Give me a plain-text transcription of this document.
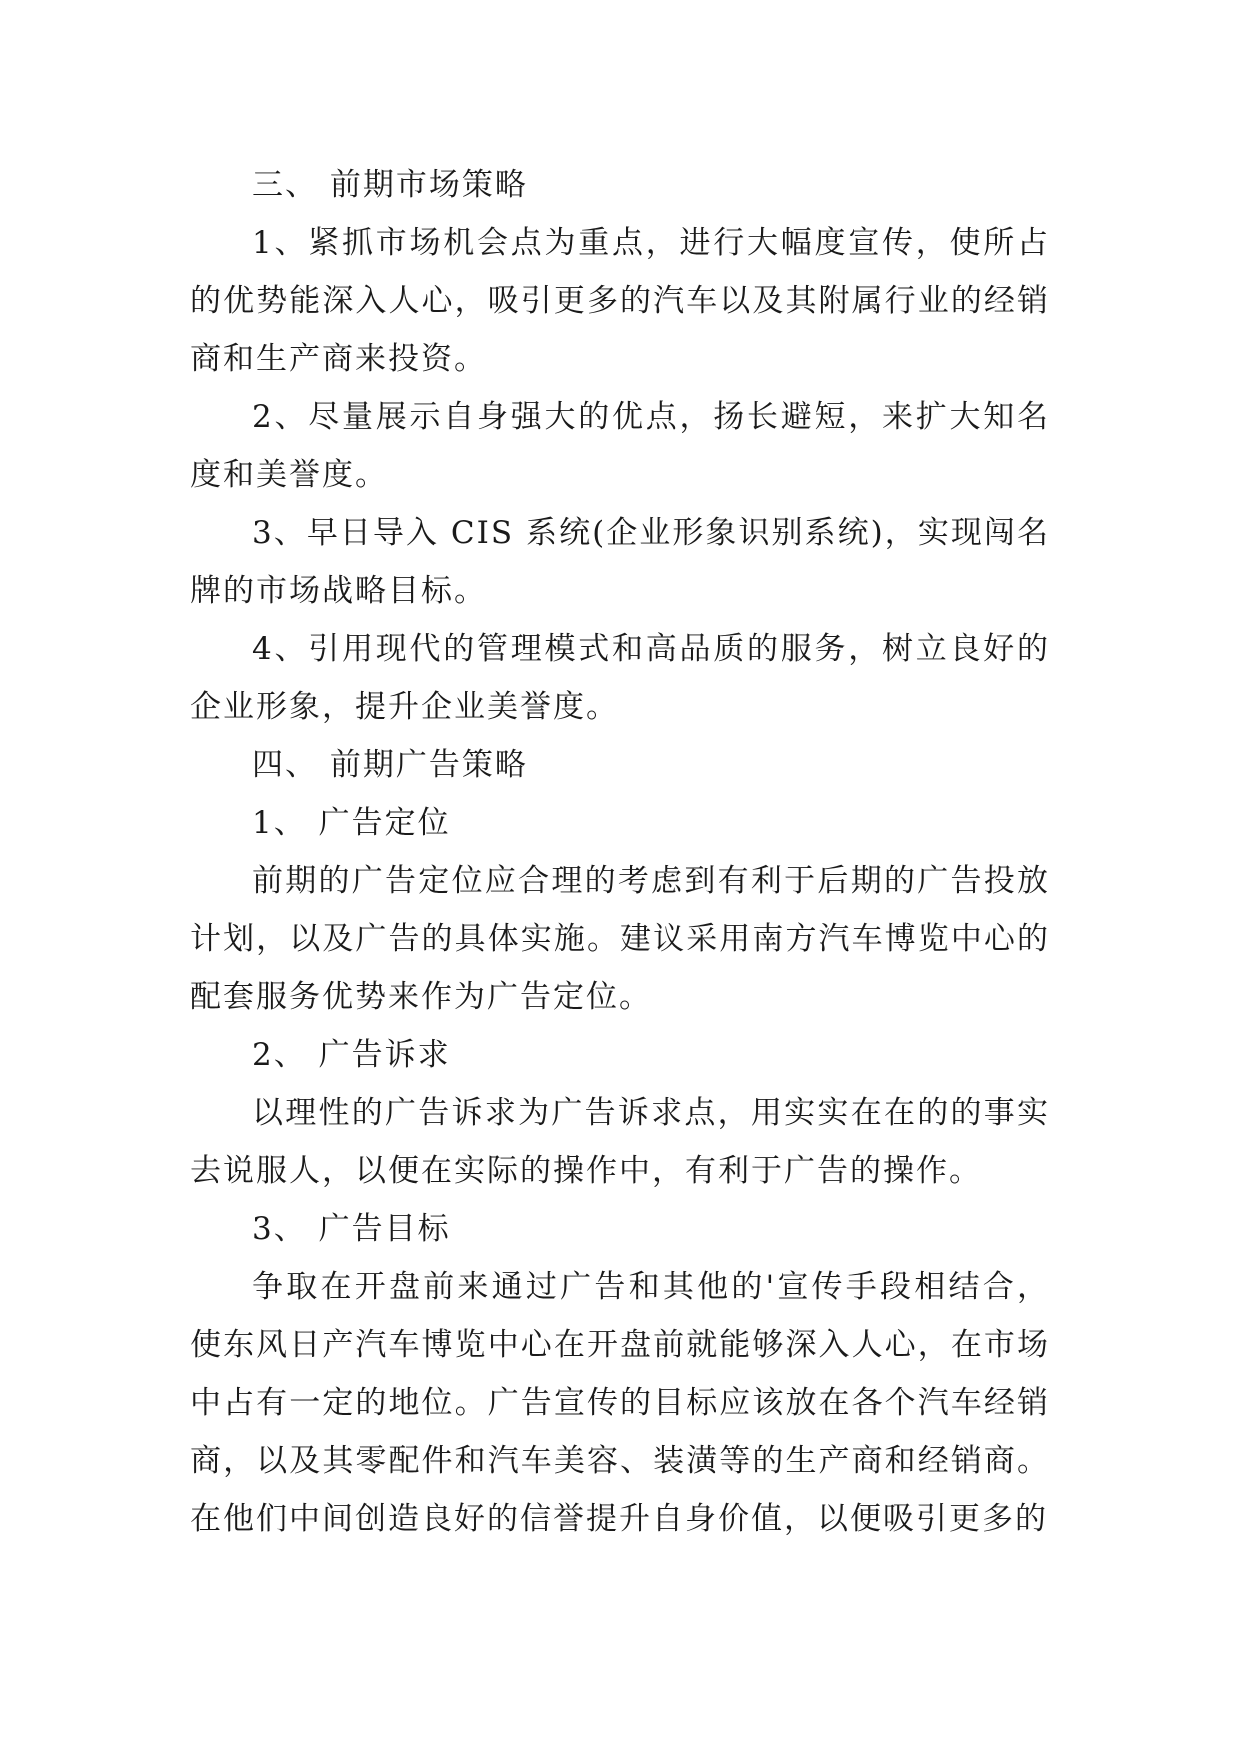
三、 前期市场策略

1、紧抓市场机会点为重点，进行大幅度宣传，使所占的优势能深入人心，吸引更多的汽车以及其附属行业的经销商和生产商来投资。

2、尽量展示自身强大的优点，扬长避短，来扩大知名度和美誉度。

3、早日导入 CIS 系统(企业形象识别系统)，实现闯名牌的市场战略目标。

4、引用现代的管理模式和高品质的服务，树立良好的企业形象，提升企业美誉度。

四、 前期广告策略

1、 广告定位

前期的广告定位应合理的考虑到有利于后期的广告投放计划，以及广告的具体实施。建议采用南方汽车博览中心的配套服务优势来作为广告定位。

2、 广告诉求

以理性的广告诉求为广告诉求点，用实实在在的的事实去说服人，以便在实际的操作中，有利于广告的操作。

3、 广告目标

争取在开盘前来通过广告和其他的'宣传手段相结合，使东风日产汽车博览中心在开盘前就能够深入人心，在市场中占有一定的地位。广告宣传的目标应该放在各个汽车经销商，以及其零配件和汽车美容、装潢等的生产商和经销商。在他们中间创造良好的信誉提升自身价值，以便吸引更多的
